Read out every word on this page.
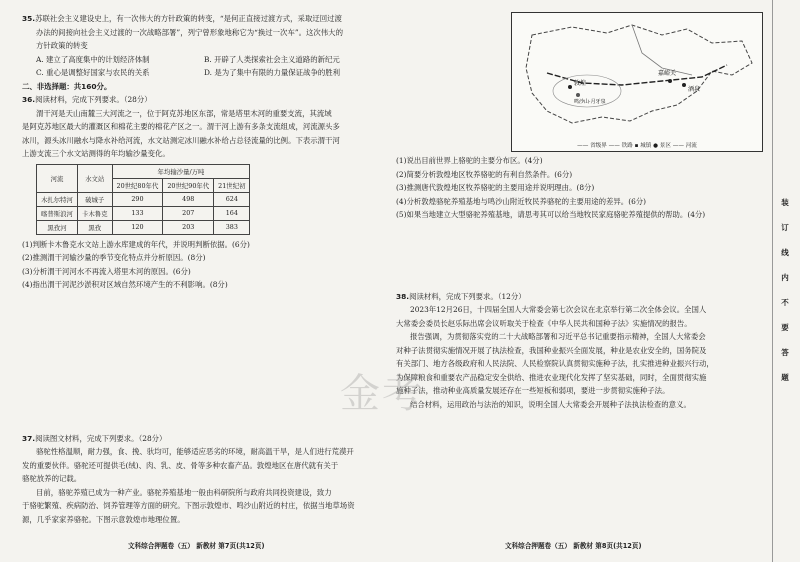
35.苏联社会主义建设史上，有一次伟大的方针政策的转变，“是何正直接过渡方式，采取迂回过渡
办法的间接向社会主义过渡的一次战略部署”，列宁曾形象地称它为“换过一次车”。这次伟大的
方针政策的转变
A. 建立了高度集中的计划经济体制	B. 开辟了人类探索社会主义道路的新纪元
C. 重心是调整好国家与农民的关系	D. 是为了集中有限的力量保证战争的胜利
二、非选择题：共160分。
36.阅读材料，完成下列要求。（28分）
渭干河是天山南麓三大河流之一，位于阿克苏地区东部，常是塔里木河的重要支流，其流域
是阿克苏地区最大的灌溉区和棉花主要的棉花产区之一。渭干河上游有多条支流组成，河流源头多
冰川，源头冰川融水与降水补给河流，水文站测定冰川融水补给占总径流量的比例。下表示渭干河
上游支流三个水文站测得的年均输沙量变化。
河流	水文站	年均输沙量/万吨		
		20世纪80年代	20世纪90年代	21世纪初
木扎尔特河	破城子	290	498	624
喀普斯浪河	卡木鲁克	133	207	164
黑孜河	黑孜	120	203	383
(1)判断卡木鲁克水文站上游水库建成的年代，并说明判断依据。(6分)
(2)推测渭干河输沙量的季节变化特点并分析原因。(8分)
(3)分析渭干河河水不再流入塔里木河的原因。(6分)
(4)指出渭干河泥沙淤积对区域自然环境产生的不利影响。(8分)
37.阅读图文材料，完成下列要求。（28分）
骆驼性格温顺，耐力强，食、挽、驮均可，能够适应恶劣的环境，耐高温干旱，是人们进行荒漠开
发的重要伙伴。骆驼还可提供毛(绒)、肉、乳、皮、骨等多种农畜产品。敦煌地区在唐代就有关于
骆驼放养的记载。
目前，骆驼养殖已成为一种产业。骆驼养殖基地一般由科研院所与政府共同投资建设，致力
于骆驼繁殖、疾病防治、饲养管理等方面的研究。下图示敦煌市、鸣沙山附近的村庄，依据当地草场资
源，几乎家家养骆驼。下图示意敦煌市地理位置。
文科综合押题卷（五） 新教材 第7页(共12页)
敦煌
鸣沙山·月牙泉
嘉峪关
酒泉
—— 省级界 —— 铁路 ▪ 城镇 ● 景区 —— 河流
(1)说出目前世界上骆驼的主要分布区。(4分)
(2)简要分析敦煌地区牧养骆驼的有利自然条件。(6分)
(3)推测唐代敦煌地区牧养骆驼的主要用途并说明理由。(8分)
(4)分析敦煌骆驼养殖基地与鸣沙山附近牧民养骆驼的主要用途的差异。(6分)
(5)如果当地建立大型骆驼养殖基地，请思考其可以给当地牧民家庭骆驼养殖提供的帮助。(4分)
38.阅读材料，完成下列要求。（12分）
2023年12月26日，十四届全国人大常委会第七次会议在北京举行第二次全体会议。全国人
大常委会委员长赵乐际出席会议听取关于检查《中华人民共和国种子法》实施情况的报告。
报告强调，为贯彻落实党的二十大战略部署和习近平总书记重要指示精神，全国人大常委会
对种子法贯彻实施情况开展了执法检查，我国种业振兴全面发展，种业是农业安全的，国务院及
有关部门、地方各级政府和人民法院、人民检察院认真贯彻实施种子法，扎实推进种业振兴行动，
为保障粮食和重要农产品稳定安全供给、推进农业现代化发挥了坚实基础，同时，全面贯彻实施
施种子法，推动种业高质量发展还存在一些短板和弱项，要进一步贯彻实施种子法。
结合材料，运用政治与法治的知识，说明全国人大常委会开展种子法执法检查的意义。
文科综合押题卷（五） 新教材 第8页(共12页)
金考
装
订
线
内
不
要
答
题
